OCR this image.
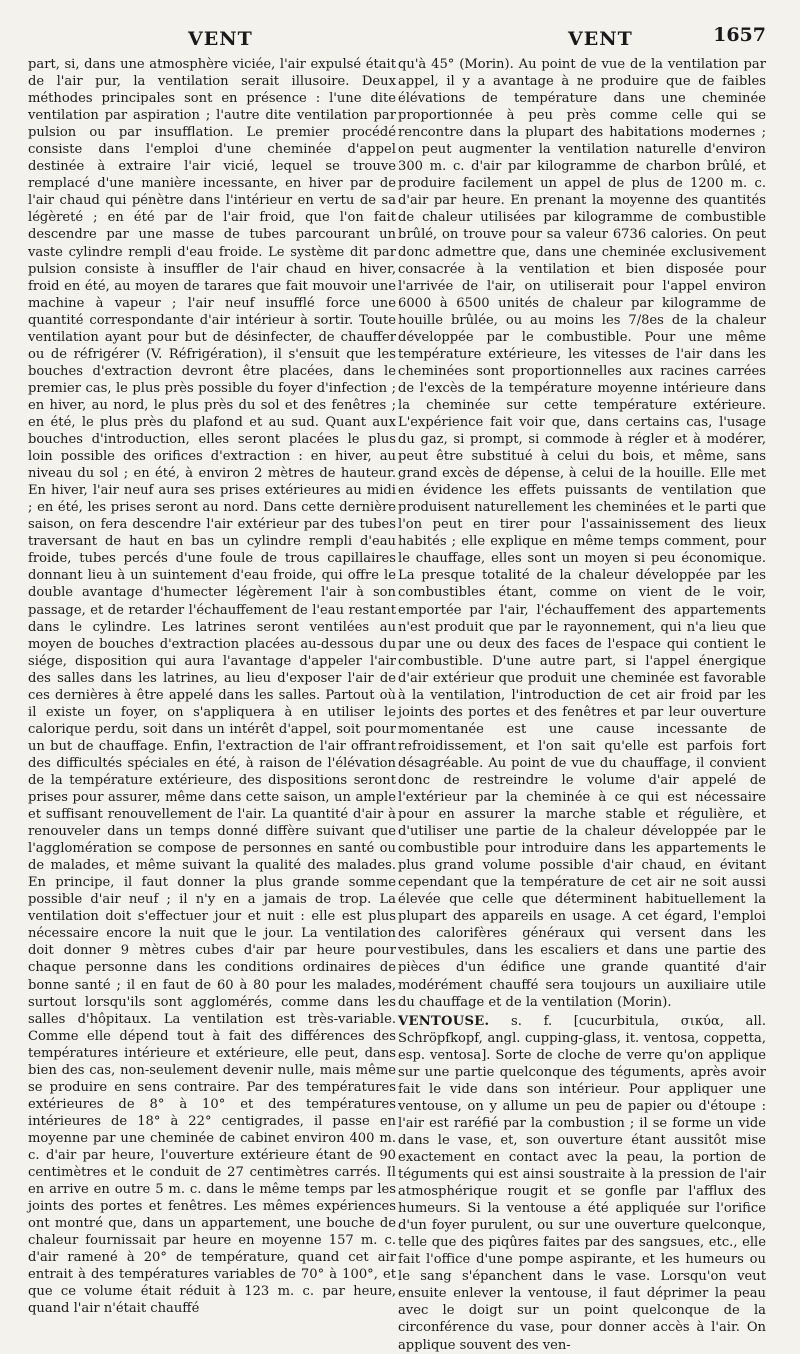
VENT	VENT	1657

part, si, dans une atmosphère viciée, l'air expulsé était de l'air pur, la ventilation serait illusoire. Deux méthodes principales sont en présence : l'une dite ventilation par aspiration ; l'autre dite ventilation par pulsion ou par insufflation. Le premier procédé consiste dans l'emploi d'une cheminée d'appel destinée à extraire l'air vicié, lequel se trouve remplacé d'une manière incessante, en hiver par de l'air chaud qui pénètre dans l'intérieur en vertu de sa légèreté ; en été par de l'air froid, que l'on fait descendre par une masse de tubes parcourant un vaste cylindre rempli d'eau froide. Le système dit par pulsion consiste à insuffler de l'air chaud en hiver, froid en été, au moyen de tarares que fait mouvoir une machine à vapeur ; l'air neuf insufflé force une quantité correspondante d'air intérieur à sortir. Toute ventilation ayant pour but de désinfecter, de chauffer ou de réfrigérer (V. Réfrigération), il s'ensuit que les bouches d'extraction devront être placées, dans le premier cas, le plus près possible du foyer d'infection ; en hiver, au nord, le plus près du sol et des fenêtres ; en été, le plus près du plafond et au sud. Quant aux bouches d'introduction, elles seront placées le plus loin possible des orifices d'extraction : en hiver, au niveau du sol ; en été, à environ 2 mètres de hauteur. En hiver, l'air neuf aura ses prises extérieures au midi ; en été, les prises seront au nord. Dans cette dernière saison, on fera descendre l'air extérieur par des tubes traversant de haut en bas un cylindre rempli d'eau froide, tubes percés d'une foule de trous capillaires donnant lieu à un suintement d'eau froide, qui offre le double avantage d'humecter légèrement l'air à son passage, et de retarder l'échauffement de l'eau restant dans le cylindre. Les latrines seront ventilées au moyen de bouches d'extraction placées au-dessous du siége, disposition qui aura l'avantage d'appeler l'air des salles dans les latrines, au lieu d'exposer l'air de ces dernières à être appelé dans les salles. Partout où il existe un foyer, on s'appliquera à en utiliser le calorique perdu, soit dans un intérêt d'appel, soit pour un but de chauffage. Enfin, l'extraction de l'air offrant des difficultés spéciales en été, à raison de l'élévation de la température extérieure, des dispositions seront prises pour assurer, même dans cette saison, un ample et suffisant renouvellement de l'air. La quantité d'air à renouveler dans un temps donné diffère suivant que l'agglomération se compose de personnes en santé ou de malades, et même suivant la qualité des malades. En principe, il faut donner la plus grande somme possible d'air neuf ; il n'y en a jamais de trop. La ventilation doit s'effectuer jour et nuit : elle est plus nécessaire encore la nuit que le jour. La ventilation doit donner 9 mètres cubes d'air par heure pour chaque personne dans les conditions ordinaires de bonne santé ; il en faut de 60 à 80 pour les malades, surtout lorsqu'ils sont agglomérés, comme dans les salles d'hôpitaux. La ventilation est très-variable. Comme elle dépend tout à fait des différences des températures intérieure et extérieure, elle peut, dans bien des cas, non-seulement devenir nulle, mais même se produire en sens contraire. Par des températures extérieures de 8° à 10° et des températures intérieures de 18° à 22° centigrades, il passe en moyenne par une cheminée de cabinet environ 400 m. c. d'air par heure, l'ouverture extérieure étant de 90 centimètres et le conduit de 27 centimètres carrés. Il en arrive en outre 5 m. c. dans le même temps par les joints des portes et fenêtres. Les mêmes expériences ont montré que, dans un appartement, une bouche de chaleur fournissait par heure en moyenne 157 m. c. d'air ramené à 20° de température, quand cet air entrait à des températures variables de 70° à 100°, et que ce volume était réduit à 123 m. c. par heure, quand l'air n'était chauffé

qu'à 45° (Morin). Au point de vue de la ventilation par appel, il y a avantage à ne produire que de faibles élévations de température dans une cheminée proportionnée à peu près comme celle qui se rencontre dans la plupart des habitations modernes ; on peut augmenter la ventilation naturelle d'environ 300 m. c. d'air par kilogramme de charbon brûlé, et produire facilement un appel de plus de 1200 m. c. d'air par heure. En prenant la moyenne des quantités de chaleur utilisées par kilogramme de combustible brûlé, on trouve pour sa valeur 6736 calories. On peut donc admettre que, dans une cheminée exclusivement consacrée à la ventilation et bien disposée pour l'arrivée de l'air, on utiliserait pour l'appel environ 6000 à 6500 unités de chaleur par kilogramme de houille brûlée, ou au moins les 7/8es de la chaleur développée par le combustible. Pour une même température extérieure, les vitesses de l'air dans les cheminées sont proportionnelles aux racines carrées de l'excès de la température moyenne intérieure dans la cheminée sur cette température extérieure. L'expérience fait voir que, dans certains cas, l'usage du gaz, si prompt, si commode à régler et à modérer, peut être substitué à celui du bois, et même, sans grand excès de dépense, à celui de la houille. Elle met en évidence les effets puissants de ventilation que produisent naturellement les cheminées et le parti que l'on peut en tirer pour l'assainissement des lieux habités ; elle explique en même temps comment, pour le chauffage, elles sont un moyen si peu économique. La presque totalité de la chaleur développée par les combustibles étant, comme on vient de le voir, emportée par l'air, l'échauffement des appartements n'est produit que par le rayonnement, qui n'a lieu que par une ou deux des faces de l'espace qui contient le combustible. D'une autre part, si l'appel énergique d'air extérieur que produit une cheminée est favorable à la ventilation, l'introduction de cet air froid par les joints des portes et des fenêtres et par leur ouverture momentanée est une cause incessante de refroidissement, et l'on sait qu'elle est parfois fort désagréable. Au point de vue du chauffage, il convient donc de restreindre le volume d'air appelé de l'extérieur par la cheminée à ce qui est nécessaire pour en assurer la marche stable et régulière, et d'utiliser une partie de la chaleur développée par le combustible pour introduire dans les appartements le plus grand volume possible d'air chaud, en évitant cependant que la température de cet air ne soit aussi élevée que celle que déterminent habituellement la plupart des appareils en usage. A cet égard, l'emploi des calorifères généraux qui versent dans les vestibules, dans les escaliers et dans une partie des pièces d'un édifice une grande quantité d'air modérément chauffé sera toujours un auxiliaire utile du chauffage et de la ventilation (Morin).

VENTOUSE. s. f. [cucurbitula, σικύα, all. Schröpfkopf, angl. cupping-glass, it. ventosa, coppetta, esp. ventosa]. Sorte de cloche de verre qu'on applique sur une partie quelconque des téguments, après avoir fait le vide dans son intérieur. Pour appliquer une ventouse, on y allume un peu de papier ou d'étoupe : l'air est raréfié par la combustion ; il se forme un vide dans le vase, et, son ouverture étant aussitôt mise exactement en contact avec la peau, la portion de téguments qui est ainsi soustraite à la pression de l'air atmosphérique rougit et se gonfle par l'afflux des humeurs. Si la ventouse a été appliquée sur l'orifice d'un foyer purulent, ou sur une ouverture quelconque, telle que des piqûres faites par des sangsues, etc., elle fait l'office d'une pompe aspirante, et les humeurs ou le sang s'épanchent dans le vase. Lorsqu'on veut ensuite enlever la ventouse, il faut déprimer la peau avec le doigt sur un point quelconque de la circonférence du vase, pour donner accès à l'air. On applique souvent des ven-
